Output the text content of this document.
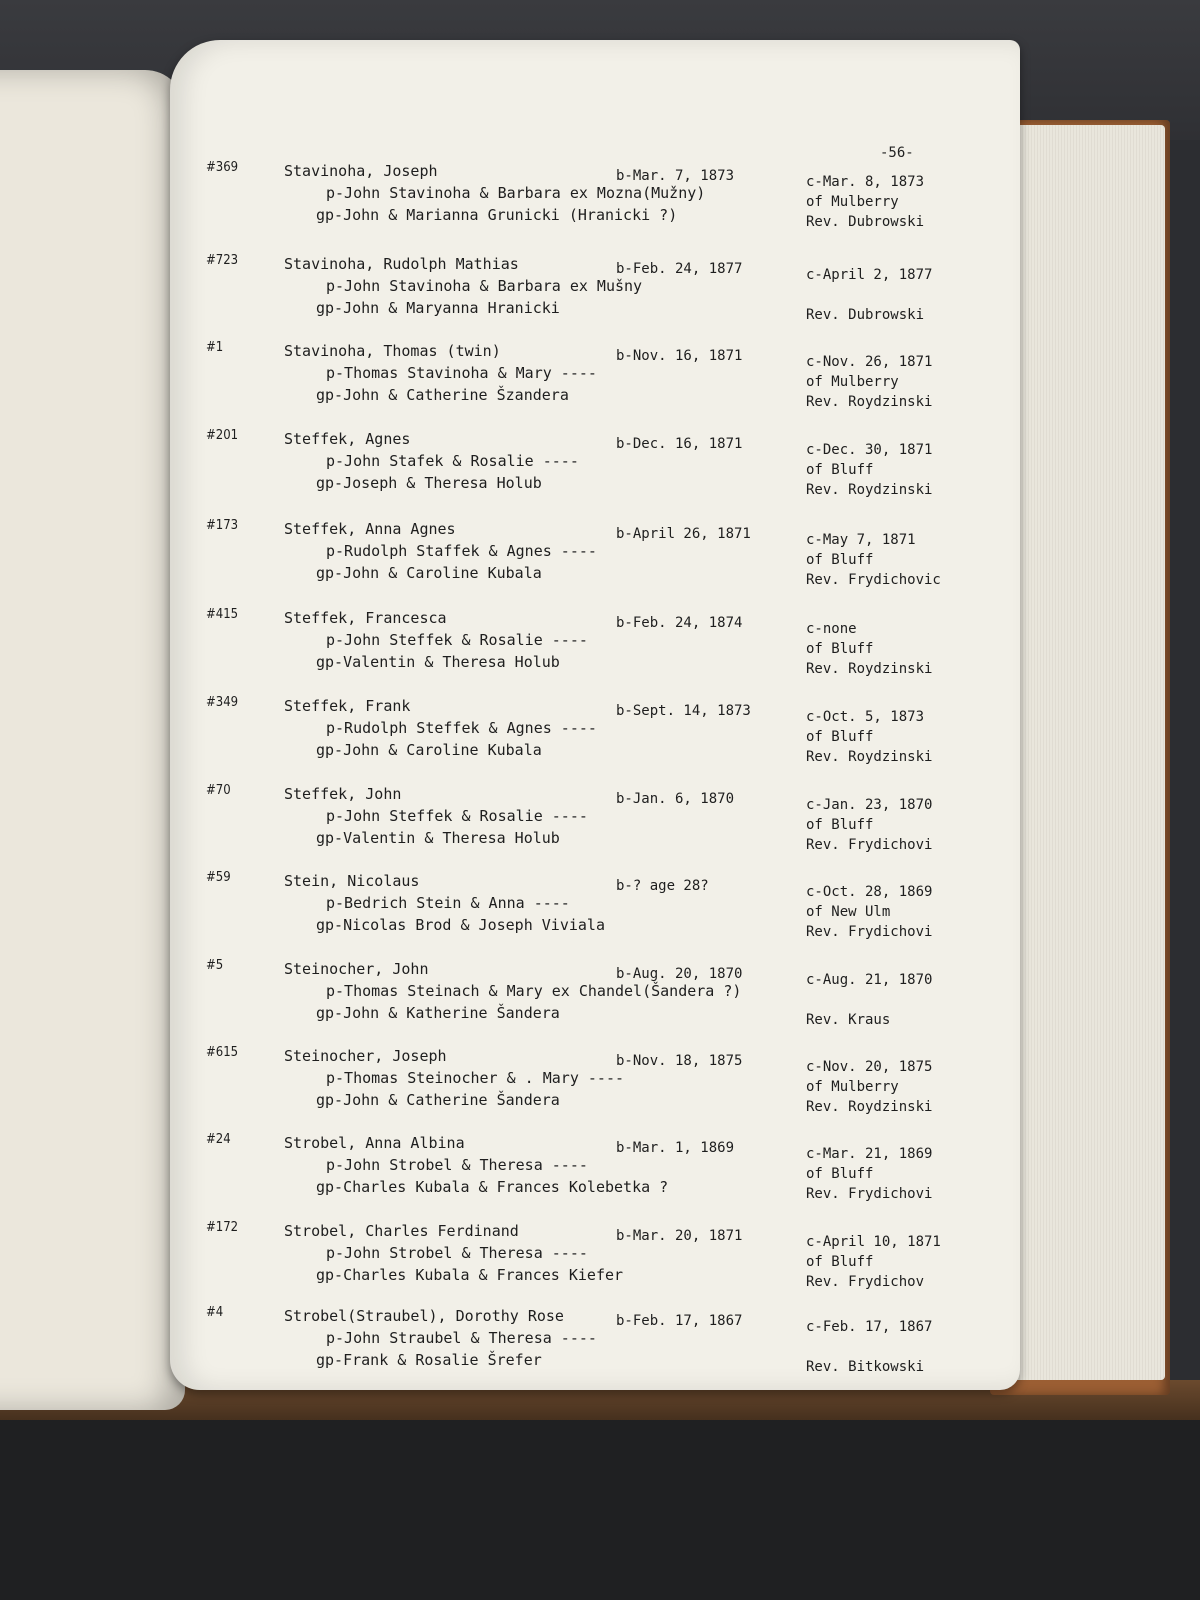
-56-
#369	Stavinoha, Joseph
p-John Stavinoha & Barbara ex Mozna(Mužny)
gp-John & Marianna Grunicki (Hranicki ?)
b-Mar. 7, 1873	c-Mar. 8, 1873
of Mulberry
Rev. Dubrowski
#723	Stavinoha, Rudolph Mathias
p-John Stavinoha & Barbara ex Mušny
gp-John & Maryanna Hranicki
b-Feb. 24, 1877	c-April 2, 1877
Rev. Dubrowski
#1	Stavinoha, Thomas (twin)
p-Thomas Stavinoha & Mary ----
gp-John & Catherine Šzandera
b-Nov. 16, 1871	c-Nov. 26, 1871
of Mulberry
Rev. Roydzinski
#201	Steffek, Agnes
p-John Stafek & Rosalie ----
gp-Joseph & Theresa Holub
b-Dec. 16, 1871	c-Dec. 30, 1871
of Bluff
Rev. Roydzinski
#173	Steffek, Anna Agnes
p-Rudolph Staffek & Agnes ----
gp-John & Caroline Kubala
b-April 26, 1871	c-May 7, 1871
of Bluff
Rev. Frydichovic
#415	Steffek, Francesca
p-John Steffek & Rosalie ----
gp-Valentin & Theresa Holub
b-Feb. 24, 1874	c-none
of Bluff
Rev. Roydzinski
#349	Steffek, Frank
p-Rudolph Steffek & Agnes ----
gp-John & Caroline Kubala
b-Sept. 14, 1873	c-Oct. 5, 1873
of Bluff
Rev. Roydzinski
#70	Steffek, John
p-John Steffek & Rosalie ----
gp-Valentin & Theresa Holub
b-Jan. 6, 1870	c-Jan. 23, 1870
of Bluff
Rev. Frydichovi
#59	Stein, Nicolaus
p-Bedrich Stein & Anna ----
gp-Nicolas Brod & Joseph Viviala
b-? age 28?	c-Oct. 28, 1869
of New Ulm
Rev. Frydichovi
#5	Steinocher, John
p-Thomas Steinach & Mary ex Chandel(Šandera ?)
gp-John & Katherine Šandera
b-Aug. 20, 1870	c-Aug. 21, 1870
Rev. Kraus
#615	Steinocher, Joseph
p-Thomas Steinocher & . Mary ----
gp-John & Catherine Šandera
b-Nov. 18, 1875	c-Nov. 20, 1875
of Mulberry
Rev. Roydzinski
#24	Strobel, Anna Albina
p-John Strobel & Theresa ----
gp-Charles Kubala & Frances Kolebetka ?
b-Mar. 1, 1869	c-Mar. 21, 1869
of Bluff
Rev. Frydichovi
#172	Strobel, Charles Ferdinand
p-John Strobel & Theresa ----
gp-Charles Kubala & Frances Kiefer
b-Mar. 20, 1871	c-April 10, 1871
of Bluff
Rev. Frydichov
#4	Strobel(Straubel), Dorothy Rose
p-John Straubel & Theresa ----
gp-Frank & Rosalie Šrefer
b-Feb. 17, 1867	c-Feb. 17, 1867
Rev. Bitkowski
